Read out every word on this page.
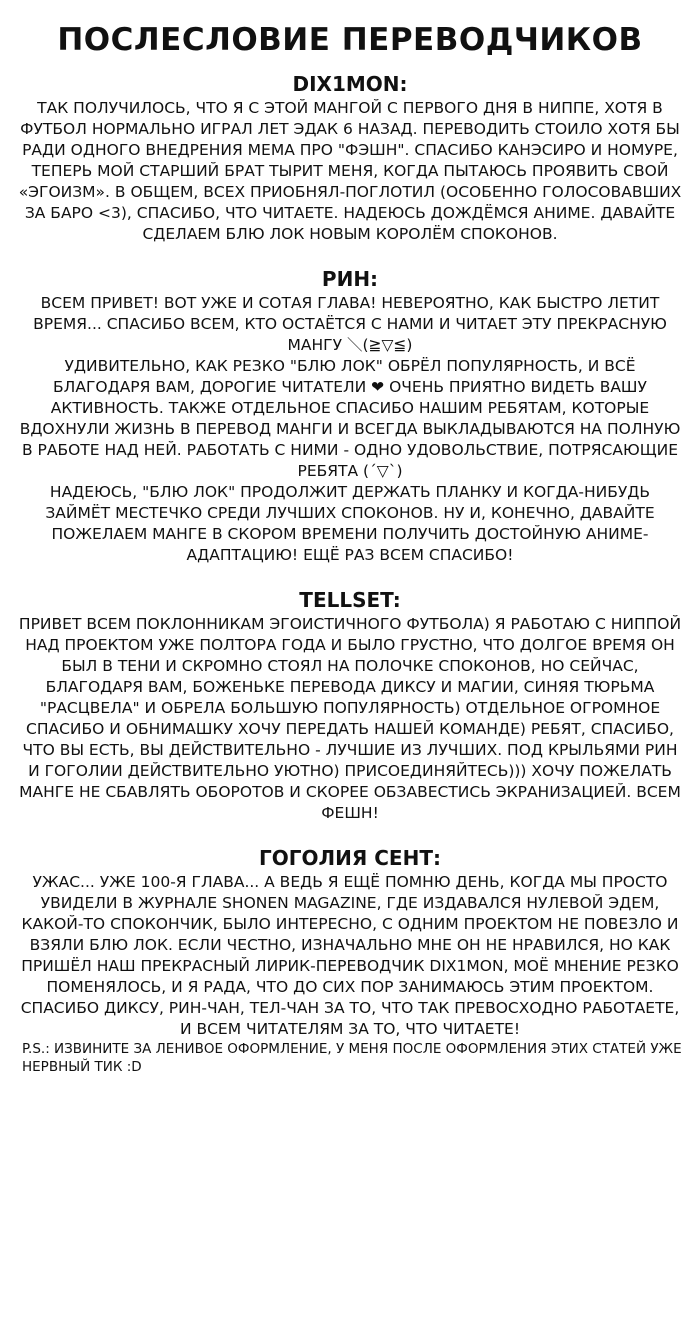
ПОСЛЕСЛОВИЕ ПЕРЕВОДЧИКОВ
DIX1MON:

ТАК ПОЛУЧИЛОСЬ, ЧТО Я С ЭТОЙ МАНГОЙ С ПЕРВОГО ДНЯ В НИППЕ, ХОТЯ В ФУТБОЛ НОРМАЛЬНО ИГРАЛ ЛЕТ ЭДАК 6 НАЗАД. ПЕРЕВОДИТЬ СТОИЛО ХОТЯ БЫ РАДИ ОДНОГО ВНЕДРЕНИЯ МЕМА ПРО "ФЭШН". СПАСИБО КАНЭСИРО И НОМУРЕ, ТЕПЕРЬ МОЙ СТАРШИЙ БРАТ ТЫРИТ МЕНЯ, КОГДА ПЫТАЮСЬ ПРОЯВИТЬ СВОЙ «ЭГОИЗМ». В ОБЩЕМ, ВСЕХ ПРИОБНЯЛ-ПОГЛОТИЛ (ОСОБЕННО ГОЛОСОВАВШИХ ЗА БАРО <3), СПАСИБО, ЧТО ЧИТАЕТЕ. НАДЕЮСЬ ДОЖДЁМСЯ АНИМЕ. ДАВАЙТЕ СДЕЛАЕМ БЛЮ ЛОК НОВЫМ КОРОЛЁМ СПОКОНОВ.

РИН:

ВСЕМ ПРИВЕТ! ВОТ УЖЕ И СОТАЯ ГЛАВА! НЕВЕРОЯТНО, КАК БЫСТРО ЛЕТИТ ВРЕМЯ... СПАСИБО ВСЕМ, КТО ОСТАЁТСЯ С НАМИ И ЧИТАЕТ ЭТУ ПРЕКРАСНУЮ МАНГУ ＼(≧▽≦)

УДИВИТЕЛЬНО, КАК РЕЗКО "БЛЮ ЛОК" ОБРЁЛ ПОПУЛЯРНОСТЬ, И ВСЁ БЛАГОДАРЯ ВАМ, ДОРОГИЕ ЧИТАТЕЛИ ❤ ОЧЕНЬ ПРИЯТНО ВИДЕТЬ ВАШУ АКТИВНОСТЬ. ТАКЖЕ ОТДЕЛЬНОЕ СПАСИБО НАШИМ РЕБЯТАМ, КОТОРЫЕ ВДОХНУЛИ ЖИЗНЬ В ПЕРЕВОД МАНГИ И ВСЕГДА ВЫКЛАДЫВАЮТСЯ НА ПОЛНУЮ В РАБОТЕ НАД НЕЙ. РАБОТАТЬ С НИМИ - ОДНО УДОВОЛЬСТВИЕ, ПОТРЯСАЮЩИЕ РЕБЯТА (´▽`)

НАДЕЮСЬ, "БЛЮ ЛОК" ПРОДОЛЖИТ ДЕРЖАТЬ ПЛАНКУ И КОГДА-НИБУДЬ ЗАЙМЁТ МЕСТЕЧКО СРЕДИ ЛУЧШИХ СПОКОНОВ. НУ И, КОНЕЧНО, ДАВАЙТЕ ПОЖЕЛАЕМ МАНГЕ В СКОРОМ ВРЕМЕНИ ПОЛУЧИТЬ ДОСТОЙНУЮ АНИМЕ-АДАПТАЦИЮ! ЕЩЁ РАЗ ВСЕМ СПАСИБО!

TELLSET:

ПРИВЕТ ВСЕМ ПОКЛОННИКАМ ЭГОИСТИЧНОГО ФУТБОЛА) Я РАБОТАЮ С НИППОЙ НАД ПРОЕКТОМ УЖЕ ПОЛТОРА ГОДА И БЫЛО ГРУСТНО, ЧТО ДОЛГОЕ ВРЕМЯ ОН БЫЛ В ТЕНИ И СКРОМНО СТОЯЛ НА ПОЛОЧКЕ СПОКОНОВ, НО СЕЙЧАС, БЛАГОДАРЯ ВАМ, БОЖЕНЬКЕ ПЕРЕВОДА ДИКСУ И МАГИИ, СИНЯЯ ТЮРЬМА "РАСЦВЕЛА" И ОБРЕЛА БОЛЬШУЮ ПОПУЛЯРНОСТЬ) ОТДЕЛЬНОЕ ОГРОМНОЕ СПАСИБО И ОБНИМАШКУ ХОЧУ ПЕРЕДАТЬ НАШЕЙ КОМАНДЕ) РЕБЯТ, СПАСИБО, ЧТО ВЫ ЕСТЬ, ВЫ ДЕЙСТВИТЕЛЬНО - ЛУЧШИЕ ИЗ ЛУЧШИХ. ПОД КРЫЛЬЯМИ РИН И ГОГОЛИИ ДЕЙСТВИТЕЛЬНО УЮТНО) ПРИСОЕДИНЯЙТЕСЬ))) ХОЧУ ПОЖЕЛАТЬ МАНГЕ НЕ СБАВЛЯТЬ ОБОРОТОВ И СКОРЕЕ ОБЗАВЕСТИСЬ ЭКРАНИЗАЦИЕЙ. ВСЕМ ФЕШН!

ГОГОЛИЯ СЕНТ:

УЖАС... УЖЕ 100-Я ГЛАВА... А ВЕДЬ Я ЕЩЁ ПОМНЮ ДЕНЬ, КОГДА МЫ ПРОСТО УВИДЕЛИ В ЖУРНАЛЕ SHONEN MAGAZINE, ГДЕ ИЗДАВАЛСЯ НУЛЕВОЙ ЭДЕМ, КАКОЙ-ТО СПОКОНЧИК, БЫЛО ИНТЕРЕСНО, С ОДНИМ ПРОЕКТОМ НЕ ПОВЕЗЛО И ВЗЯЛИ БЛЮ ЛОК. ЕСЛИ ЧЕСТНО, ИЗНАЧАЛЬНО МНЕ ОН НЕ НРАВИЛСЯ, НО КАК ПРИШЁЛ НАШ ПРЕКРАСНЫЙ ЛИРИК-ПЕРЕВОДЧИК DIX1MON, МОЁ МНЕНИЕ РЕЗКО ПОМЕНЯЛОСЬ, И Я РАДА, ЧТО ДО СИХ ПОР ЗАНИМАЮСЬ ЭТИМ ПРОЕКТОМ. СПАСИБО ДИКСУ, РИН-ЧАН, ТЕЛ-ЧАН ЗА ТО, ЧТО ТАК ПРЕВОСХОДНО РАБОТАЕТЕ, И ВСЕМ ЧИТАТЕЛЯМ ЗА ТО, ЧТО ЧИТАЕТЕ!

P.S.: ИЗВИНИТЕ ЗА ЛЕНИВОЕ ОФОРМЛЕНИЕ, У МЕНЯ ПОСЛЕ ОФОРМЛЕНИЯ ЭТИХ СТАТЕЙ УЖЕ НЕРВНЫЙ ТИК :D
